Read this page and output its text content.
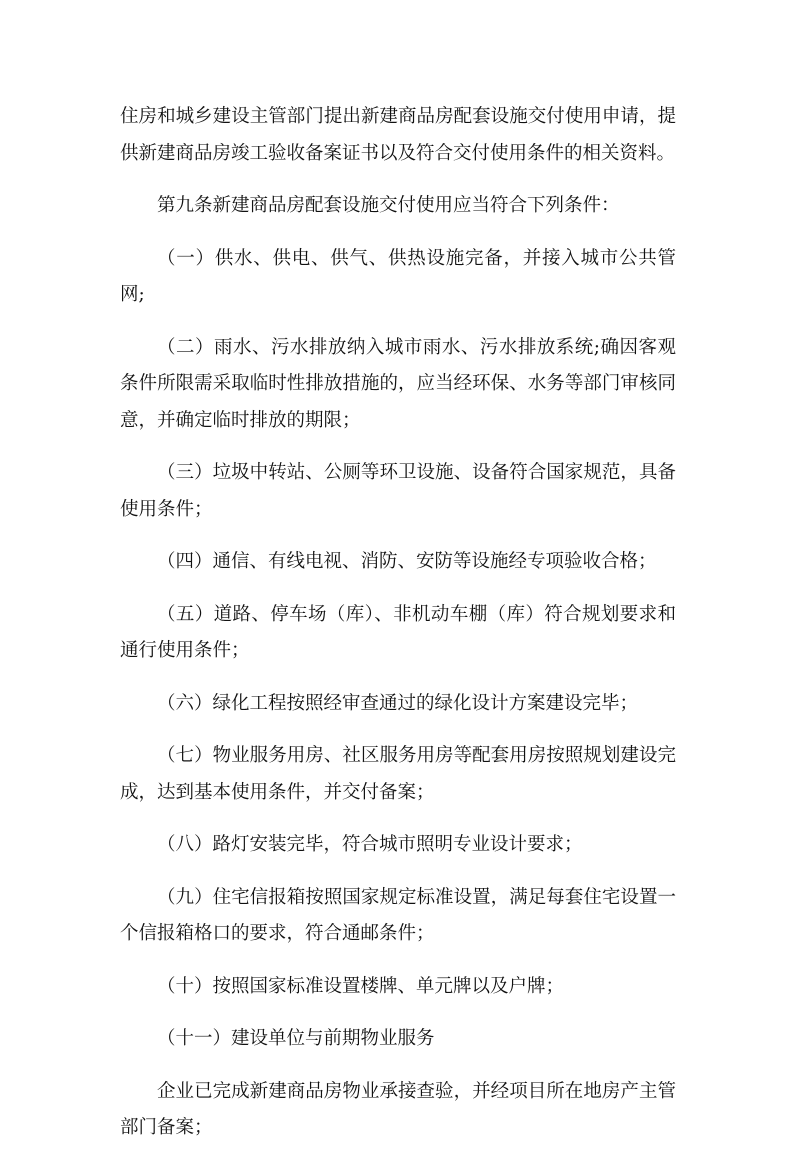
住房和城乡建设主管部门提出新建商品房配套设施交付使用申请，提供新建商品房竣工验收备案证书以及符合交付使用条件的相关资料。

第九条新建商品房配套设施交付使用应当符合下列条件：

（一）供水、供电、供气、供热设施完备，并接入城市公共管网;

（二）雨水、污水排放纳入城市雨水、污水排放系统;确因客观条件所限需采取临时性排放措施的，应当经环保、水务等部门审核同意，并确定临时排放的期限；

（三）垃圾中转站、公厕等环卫设施、设备符合国家规范，具备使用条件；

（四）通信、有线电视、消防、安防等设施经专项验收合格；

（五）道路、停车场（库）、非机动车棚（库）符合规划要求和通行使用条件；

（六）绿化工程按照经审查通过的绿化设计方案建设完毕；

（七）物业服务用房、社区服务用房等配套用房按照规划建设完成，达到基本使用条件，并交付备案；

（八）路灯安装完毕，符合城市照明专业设计要求；

（九）住宅信报箱按照国家规定标准设置，满足每套住宅设置一个信报箱格口的要求，符合通邮条件；

（十）按照国家标准设置楼牌、单元牌以及户牌；

（十一）建设单位与前期物业服务

企业已完成新建商品房物业承接查验，并经项目所在地房产主管部门备案；
